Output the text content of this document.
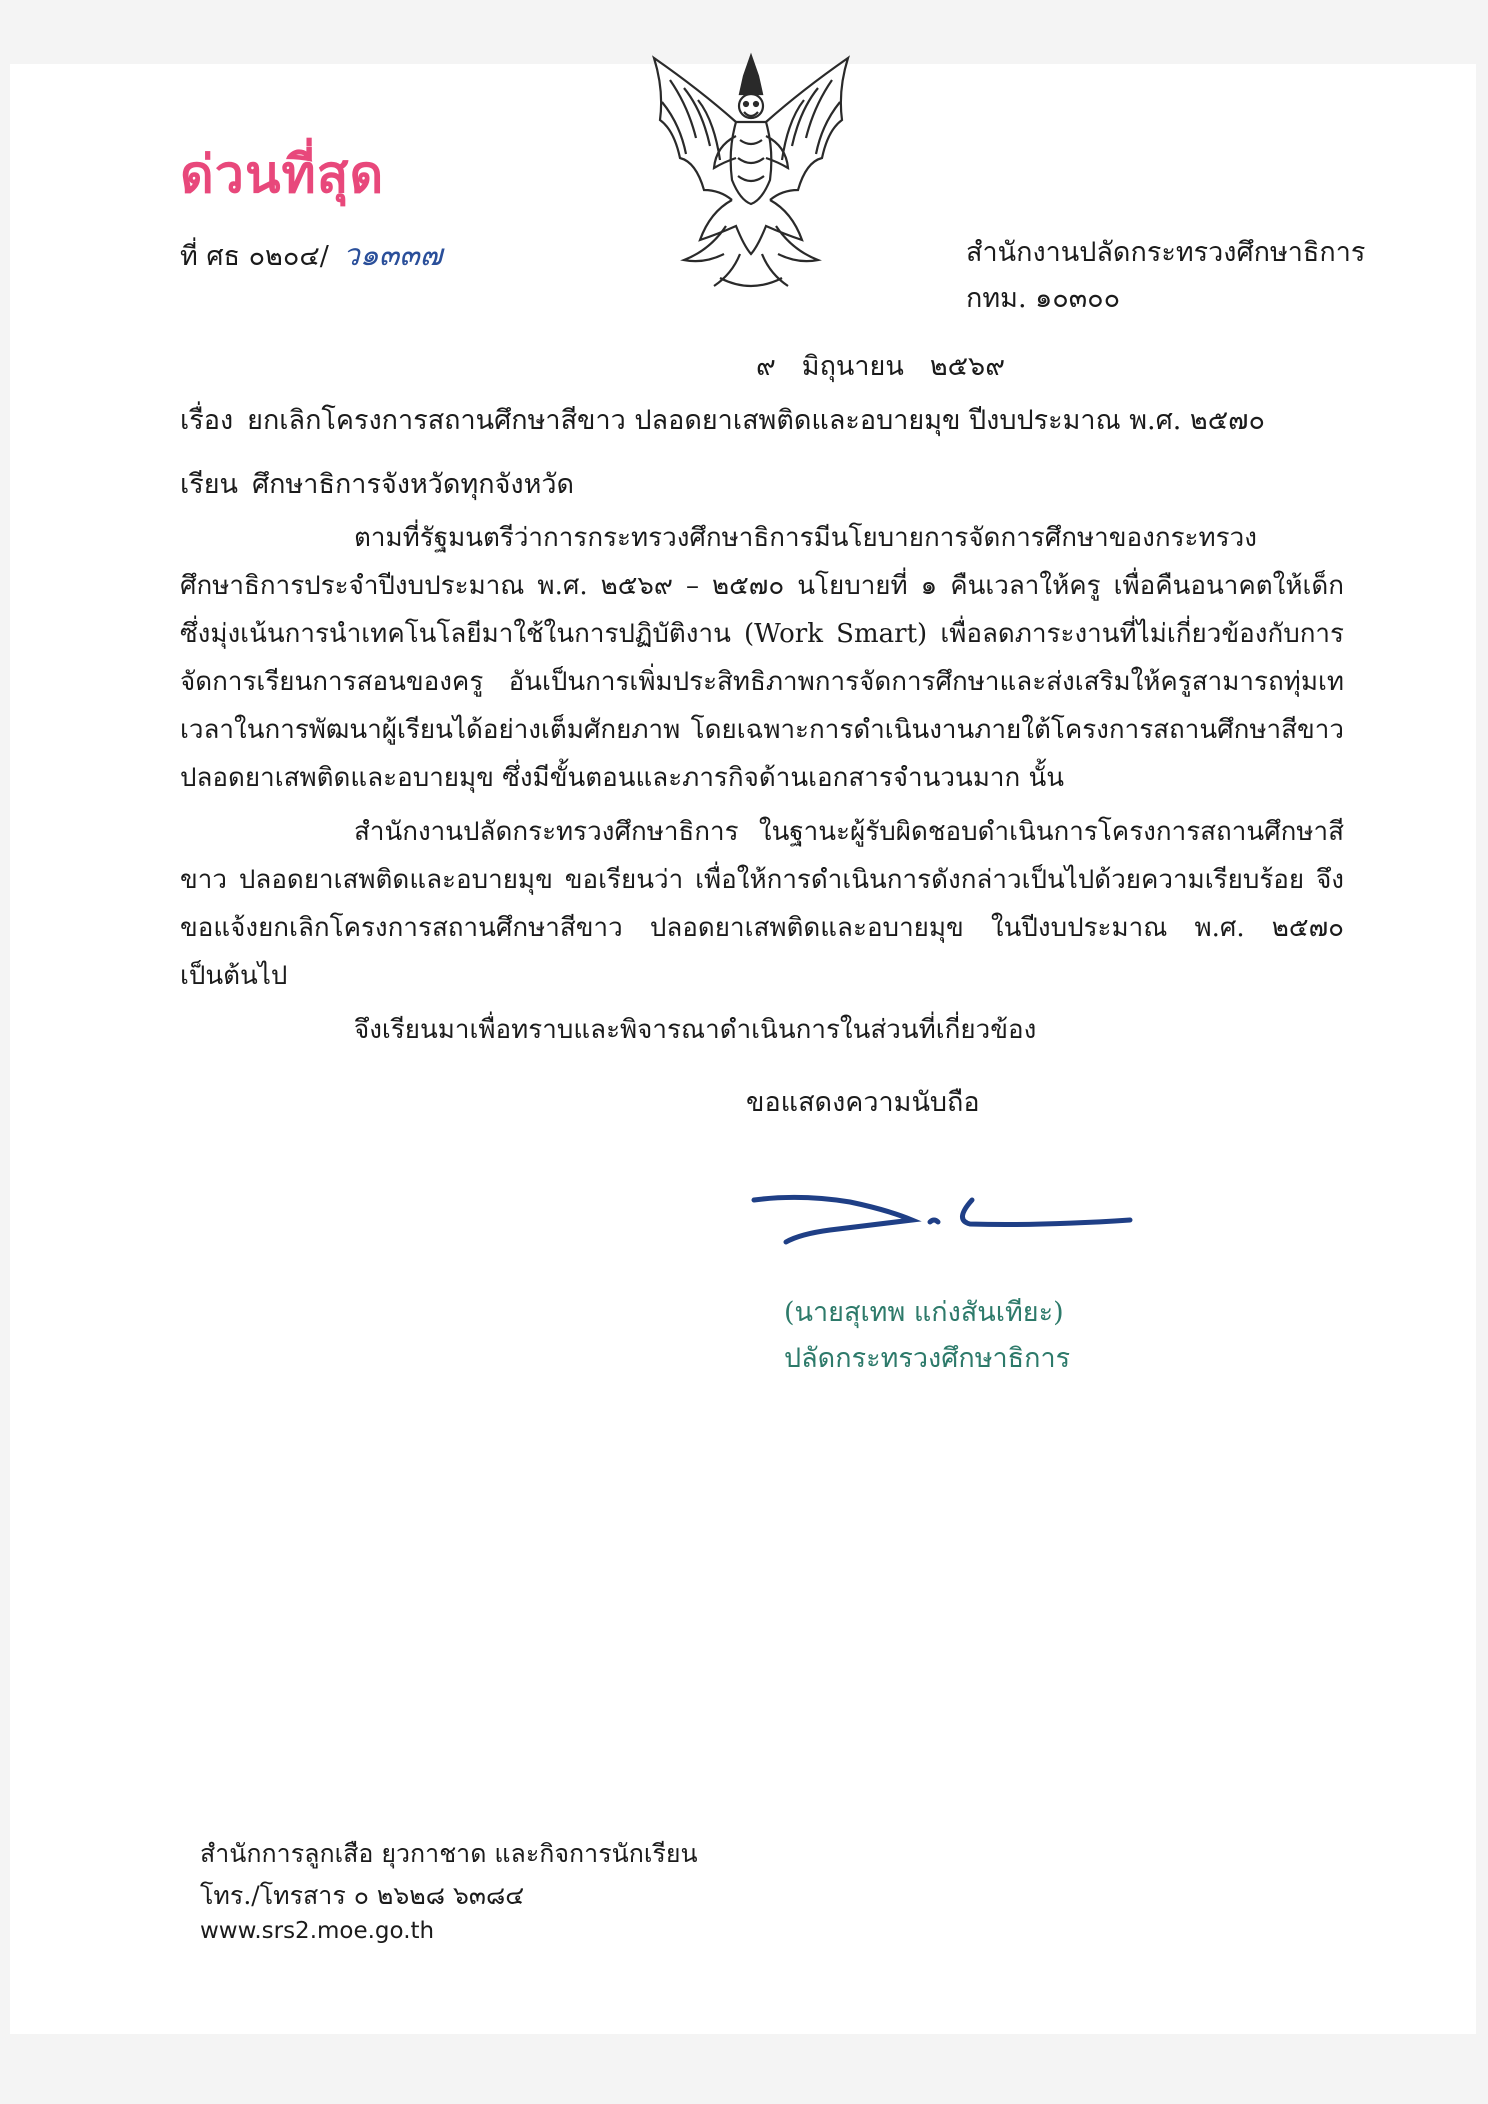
ด่วนที่สุด
ที่ ศธ ๐๒๐๔/ ว๑๓๓๗	สำนักงานปลัดกระทรวงศึกษาธิการ
กทม. ๑๐๓๐๐
๙ มิถุนายน ๒๕๖๙
เรื่อง ยกเลิกโครงการสถานศึกษาสีขาว ปลอดยาเสพติดและอบายมุข ปีงบประมาณ พ.ศ. ๒๕๗๐
เรียน ศึกษาธิการจังหวัดทุกจังหวัด
ตามที่รัฐมนตรีว่าการกระทรวงศึกษาธิการมีนโยบายการจัดการศึกษาของกระทรวงศึกษาธิการประจำปีงบประมาณ พ.ศ. ๒๕๖๙ – ๒๕๗๐ นโยบายที่ ๑ คืนเวลาให้ครู เพื่อคืนอนาคตให้เด็ก ซึ่งมุ่งเน้นการนำเทคโนโลยีมาใช้ในการปฏิบัติงาน (Work Smart) เพื่อลดภาระงานที่ไม่เกี่ยวข้องกับการจัดการเรียนการสอนของครู อันเป็นการเพิ่มประสิทธิภาพการจัดการศึกษาและส่งเสริมให้ครูสามารถทุ่มเทเวลาในการพัฒนาผู้เรียนได้อย่างเต็มศักยภาพ โดยเฉพาะการดำเนินงานภายใต้โครงการสถานศึกษาสีขาว ปลอดยาเสพติดและอบายมุข ซึ่งมีขั้นตอนและภารกิจด้านเอกสารจำนวนมาก นั้น
สำนักงานปลัดกระทรวงศึกษาธิการ ในฐานะผู้รับผิดชอบดำเนินการโครงการสถานศึกษาสีขาว ปลอดยาเสพติดและอบายมุข ขอเรียนว่า เพื่อให้การดำเนินการดังกล่าวเป็นไปด้วยความเรียบร้อย จึงขอแจ้งยกเลิกโครงการสถานศึกษาสีขาว ปลอดยาเสพติดและอบายมุข ในปีงบประมาณ พ.ศ. ๒๕๗๐ เป็นต้นไป
จึงเรียนมาเพื่อทราบและพิจารณาดำเนินการในส่วนที่เกี่ยวข้อง
ขอแสดงความนับถือ
(นายสุเทพ แก่งสันเทียะ)
ปลัดกระทรวงศึกษาธิการ
สำนักการลูกเสือ ยุวกาชาด และกิจการนักเรียน
โทร./โทรสาร ๐ ๒๖๒๘ ๖๓๘๔
www.srs2.moe.go.th
